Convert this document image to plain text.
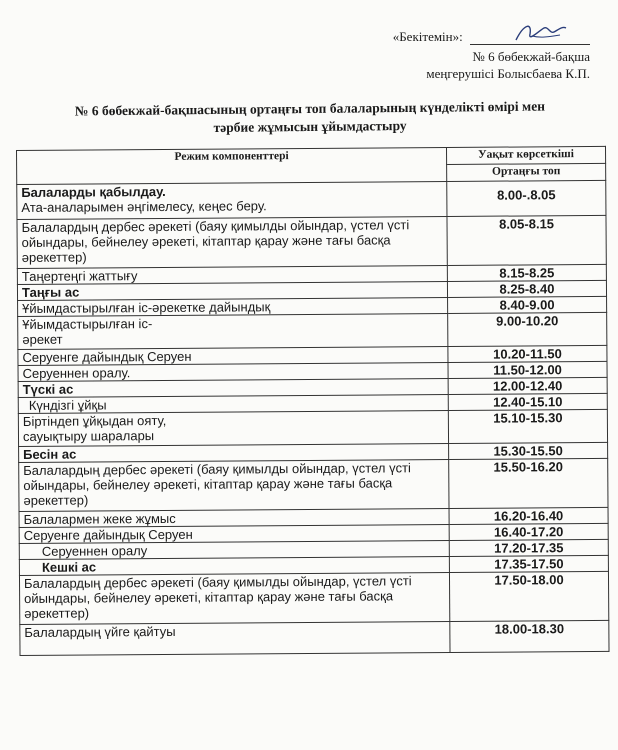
«Бекітемін»:
№ 6 бөбекжай-бақша
меңгерушісі Болысбаева К.П.
№ 6 бөбекжай-бақшасының ортаңғы топ балаларының күнделікті өмірі мен
тәрбие жұмысын ұйымдастыру
Режим компоненттері	Уақыт көрсеткіші
	Ортаңғы топ
Балаларды қабылдау.
Ата-аналарымен әңгімелесу, кеңес беру.	8.00-.8.05
Балалардың дербес әрекеті (баяу қимылды ойындар, үстел үсті ойындары, бейнелеу әрекеті, кітаптар қарау және тағы басқа әрекеттер)	8.05-8.15
Таңертеңгі жаттығу	8.15-8.25
Таңғы ас	8.25-8.40
Ұйымдастырылған іс-әрекетке дайындық	8.40-9.00
Ұйымдастырылған іс-
әрекет	9.00-10.20
Серуенге дайындық Серуен	10.20-11.50
Серуеннен оралу.	11.50-12.00
Түскі ас	12.00-12.40
Күндізгі ұйқы	12.40-15.10
Біртіндеп ұйқыдан ояту,
сауықтыру шаралары	15.10-15.30
Бесін ас	15.30-15.50
Балалардың дербес әрекеті (баяу қимылды ойындар, үстел үсті ойындары, бейнелеу әрекеті, кітаптар қарау және тағы басқа әрекеттер)	15.50-16.20
Балалармен жеке жұмыс	16.20-16.40
Серуенге дайындық Серуен	16.40-17.20
Серуеннен оралу	17.20-17.35
Кешкі ас	17.35-17.50
Балалардың дербес әрекеті (баяу қимылды ойындар, үстел үсті ойындары, бейнелеу әрекеті, кітаптар қарау және тағы басқа әрекеттер)	17.50-18.00
Балалардың үйге қайтуы	18.00-18.30
